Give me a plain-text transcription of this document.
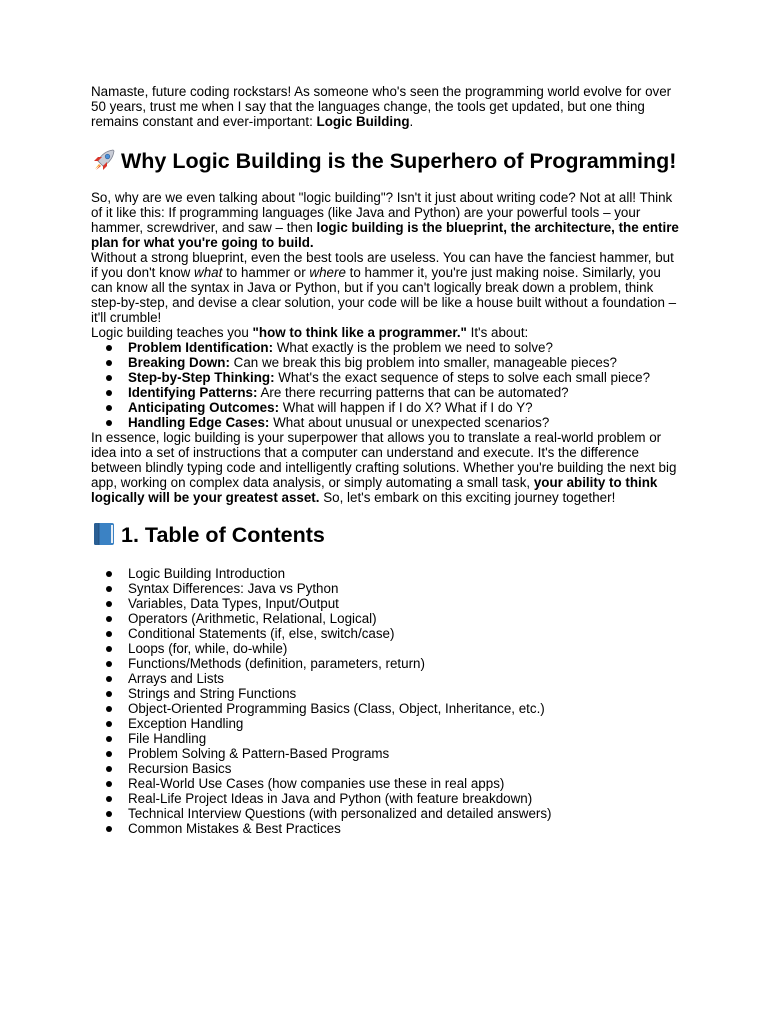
Namaste, future coding rockstars! As someone who's seen the programming world evolve for over 50 years, trust me when I say that the languages change, the tools get updated, but one thing remains constant and ever-important: Logic Building.

Why Logic Building is the Superhero of Programming!

So, why are we even talking about "logic building"? Isn't it just about writing code? Not at all! Think of it like this: If programming languages (like Java and Python) are your powerful tools – your hammer, screwdriver, and saw – then logic building is the blueprint, the architecture, the entire plan for what you're going to build.

Without a strong blueprint, even the best tools are useless. You can have the fanciest hammer, but if you don't know what to hammer or where to hammer it, you're just making noise. Similarly, you can know all the syntax in Java or Python, but if you can't logically break down a problem, think step-by-step, and devise a clear solution, your code will be like a house built without a foundation – it'll crumble!

Logic building teaches you "how to think like a programmer." It's about:

Problem Identification: What exactly is the problem we need to solve?
Breaking Down: Can we break this big problem into smaller, manageable pieces?
Step-by-Step Thinking: What's the exact sequence of steps to solve each small piece?
Identifying Patterns: Are there recurring patterns that can be automated?
Anticipating Outcomes: What will happen if I do X? What if I do Y?
Handling Edge Cases: What about unusual or unexpected scenarios?

In essence, logic building is your superpower that allows you to translate a real-world problem or idea into a set of instructions that a computer can understand and execute. It's the difference between blindly typing code and intelligently crafting solutions. Whether you're building the next big app, working on complex data analysis, or simply automating a small task, your ability to think logically will be your greatest asset. So, let's embark on this exciting journey together!

1. Table of Contents
Logic Building Introduction
Syntax Differences: Java vs Python
Variables, Data Types, Input/Output
Operators (Arithmetic, Relational, Logical)
Conditional Statements (if, else, switch/case)
Loops (for, while, do-while)
Functions/Methods (definition, parameters, return)
Arrays and Lists
Strings and String Functions
Object-Oriented Programming Basics (Class, Object, Inheritance, etc.)
Exception Handling
File Handling
Problem Solving & Pattern-Based Programs
Recursion Basics
Real-World Use Cases (how companies use these in real apps)
Real-Life Project Ideas in Java and Python (with feature breakdown)
Technical Interview Questions (with personalized and detailed answers)
Common Mistakes & Best Practices
